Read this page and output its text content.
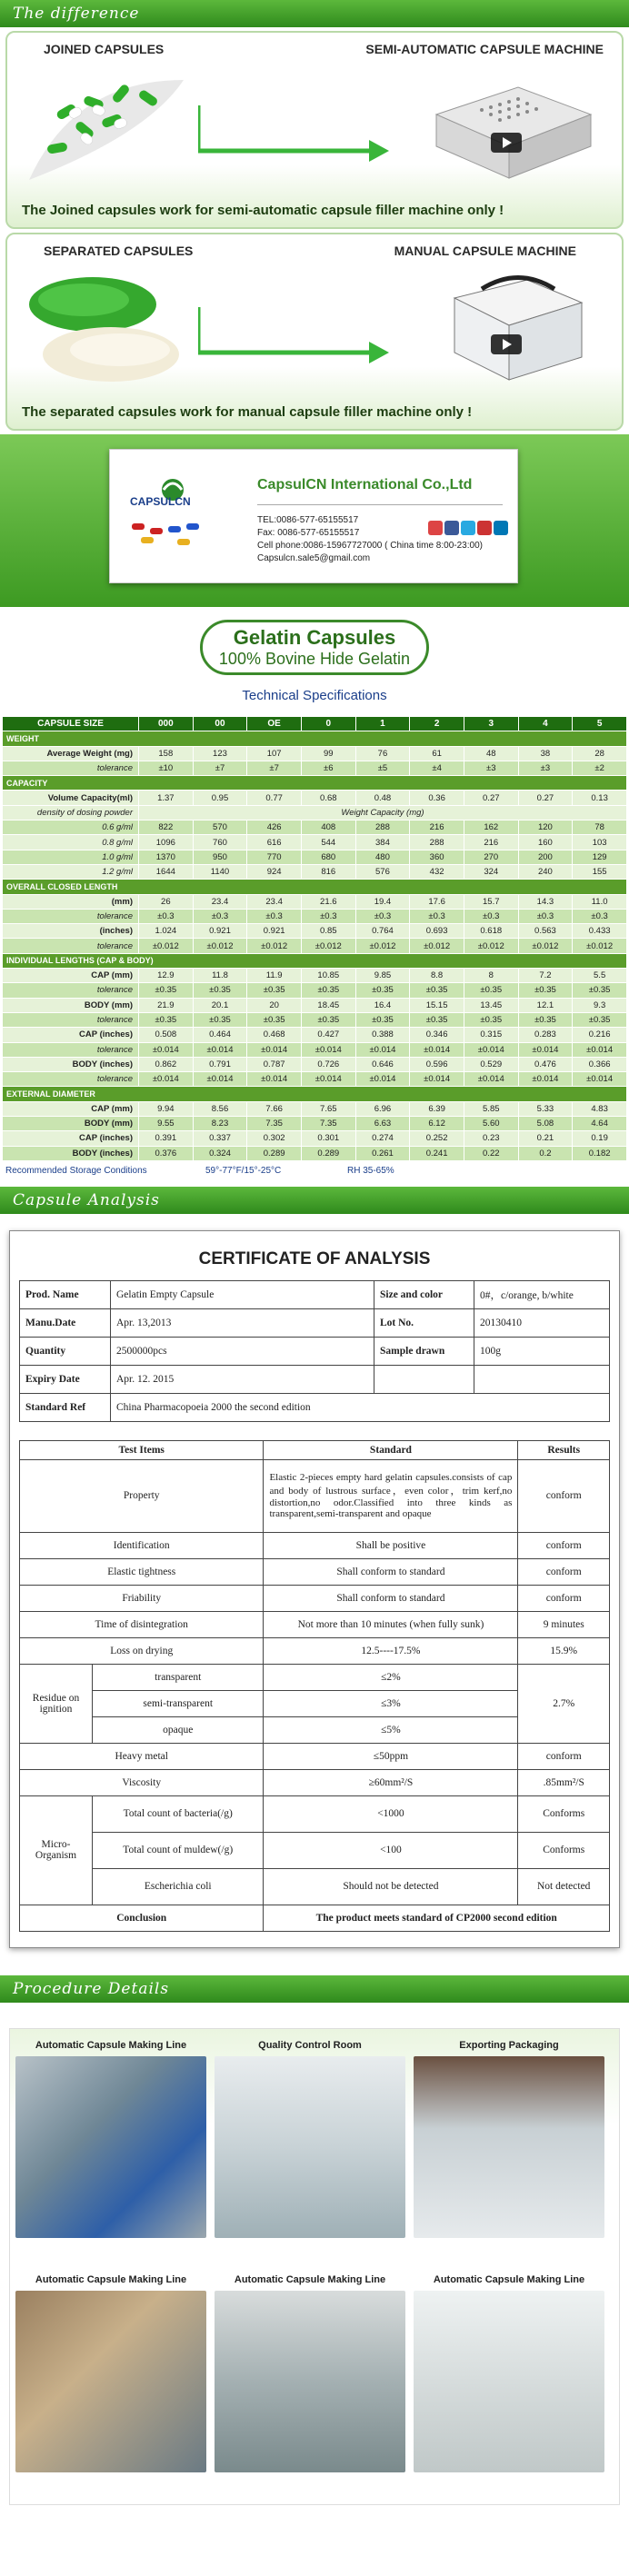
The difference
JOINED CAPSULES	SEMI-AUTOMATIC CAPSULE MACHINE
The Joined capsules work for semi-automatic capsule filler machine only !
SEPARATED CAPSULES	MANUAL CAPSULE MACHINE
The separated capsules work for manual capsule filler machine only !
CAPSULCN
CapsulCN International Co.,Ltd
TEL:0086-577-65155517
Fax: 0086-577-65155517
Cell phone:0086-15967727000 ( China time 8:00-23:00)
Capsulcn.sale5@gmail.com
Gelatin Capsules
100% Bovine Hide Gelatin
Technical Specifications
CAPSULE SIZE	000	00	OE	0	1	2	3	4	5
WEIGHT									
Average Weight (mg)	158	123	107	99	76	61	48	38	28
tolerance	±10	±7	±7	±6	±5	±4	±3	±3	±2
CAPACITY									
Volume Capacity(ml)	1.37	0.95	0.77	0.68	0.48	0.36	0.27	0.27	0.13
density of dosing powder	Weight Capacity (mg)								
0.6 g/ml	822	570	426	408	288	216	162	120	78
0.8 g/ml	1096	760	616	544	384	288	216	160	103
1.0 g/ml	1370	950	770	680	480	360	270	200	129
1.2 g/ml	1644	1140	924	816	576	432	324	240	155
OVERALL CLOSED LENGTH									
(mm)	26	23.4	23.4	21.6	19.4	17.6	15.7	14.3	11.0
tolerance	±0.3	±0.3	±0.3	±0.3	±0.3	±0.3	±0.3	±0.3	±0.3
(inches)	1.024	0.921	0.921	0.85	0.764	0.693	0.618	0.563	0.433
tolerance	±0.012	±0.012	±0.012	±0.012	±0.012	±0.012	±0.012	±0.012	±0.012
INDIVIDUAL LENGTHS (CAP & BODY)									
CAP (mm)	12.9	11.8	11.9	10.85	9.85	8.8	8	7.2	5.5
tolerance	±0.35	±0.35	±0.35	±0.35	±0.35	±0.35	±0.35	±0.35	±0.35
BODY (mm)	21.9	20.1	20	18.45	16.4	15.15	13.45	12.1	9.3
tolerance	±0.35	±0.35	±0.35	±0.35	±0.35	±0.35	±0.35	±0.35	±0.35
CAP (inches)	0.508	0.464	0.468	0.427	0.388	0.346	0.315	0.283	0.216
tolerance	±0.014	±0.014	±0.014	±0.014	±0.014	±0.014	±0.014	±0.014	±0.014
BODY (inches)	0.862	0.791	0.787	0.726	0.646	0.596	0.529	0.476	0.366
tolerance	±0.014	±0.014	±0.014	±0.014	±0.014	±0.014	±0.014	±0.014	±0.014
EXTERNAL DIAMETER									
CAP (mm)	9.94	8.56	7.66	7.65	6.96	6.39	5.85	5.33	4.83
BODY (mm)	9.55	8.23	7.35	7.35	6.63	6.12	5.60	5.08	4.64
CAP (inches)	0.391	0.337	0.302	0.301	0.274	0.252	0.23	0.21	0.19
BODY (inches)	0.376	0.324	0.289	0.289	0.261	0.241	0.22	0.2	0.182
Recommended Storage Conditions	59°-77°F/15°-25°C	RH 35-65%
Capsule Analysis
CERTIFICATE OF ANALYSIS
Prod. Name	Gelatin Empty Capsule	Size and color	0#，c/orange, b/white
Manu.Date	Apr. 13,2013	Lot No.	20130410
Quantity	2500000pcs	Sample drawn	100g
Expiry Date	Apr. 12. 2015		
Standard Ref	China Pharmacopoeia 2000 the second edition		
Test Items		Standard	Results
Property		Elastic 2-pieces empty hard gelatin capsules.consists of cap and body of lustrous surface，even color，trim kerf,no distortion,no odor.Classified into three kinds as transparent,semi-transparent and opaque	conform
Identification		Shall be positive	conform
Elastic tightness		Shall conform to standard	conform
Friability		Shall conform to standard	conform
Time of disintegration		Not more than 10 minutes (when fully sunk)	9 minutes
Loss on drying		12.5----17.5%	15.9%
Residue on ignition	transparent	≤2%	2.7%
	semi-transparent	≤3%	
	opaque	≤5%	
Heavy metal		≤50ppm	conform
Viscosity		≥60mm²/S	.85mm²/S
Micro-Organism	Total count of bacteria(/g)	<1000	Conforms
	Total count of muldew(/g)	<100	Conforms
	Escherichia coli	Should not be detected	Not detected
Conclusion		The product meets standard of CP2000 second edition	
Procedure Details
Automatic Capsule Making Line	Quality Control Room	Exporting Packaging
Automatic Capsule Making Line	Automatic Capsule Making Line	Automatic Capsule Making Line
